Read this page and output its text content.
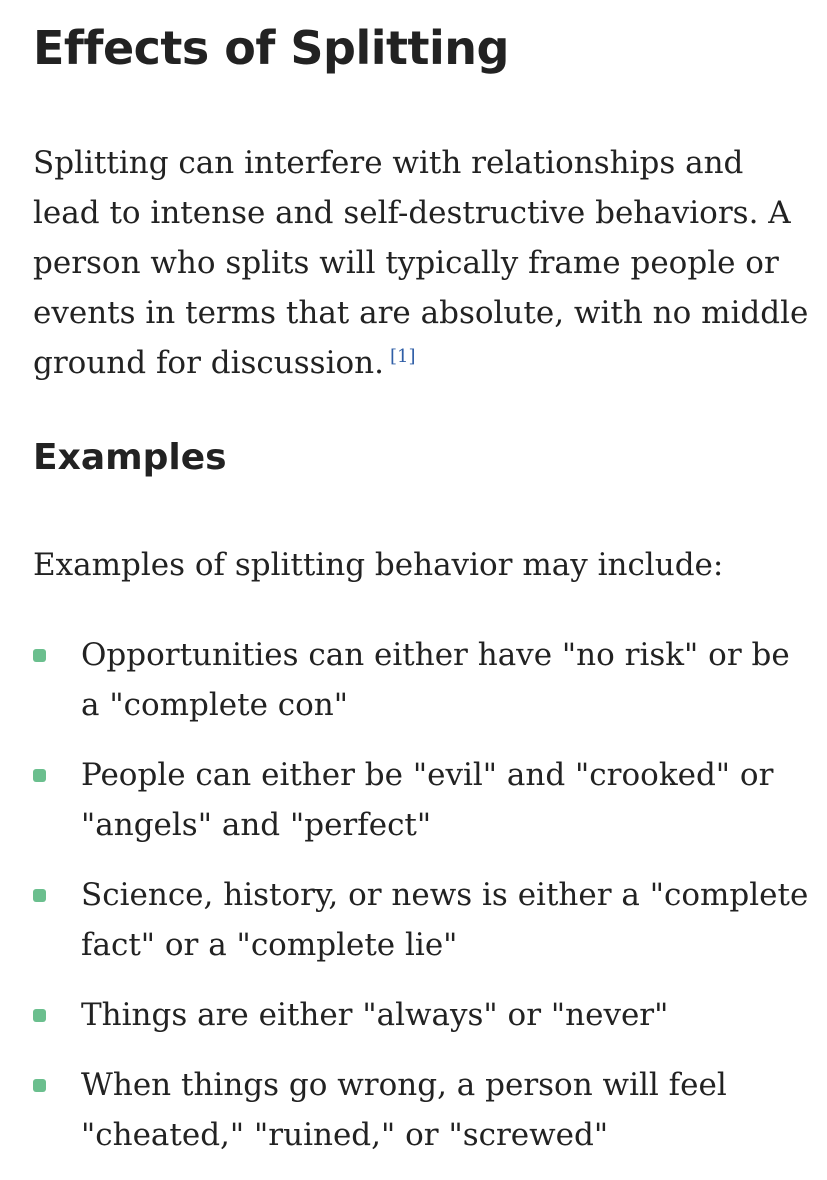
Effects of Splitting

Splitting can interfere with relationships and lead to intense and self-destructive behaviors. A person who splits will typically frame people or events in terms that are absolute, with no middle ground for discussion. [1]

Examples

Examples of splitting behavior may include:

Opportunities can either have "no risk" or be a "complete con"
People can either be "evil" and "crooked" or "angels" and "perfect"
Science, history, or news is either a "complete fact" or a "complete lie"
Things are either "always" or "never"
When things go wrong, a person will feel "cheated," "ruined," or "screwed"
